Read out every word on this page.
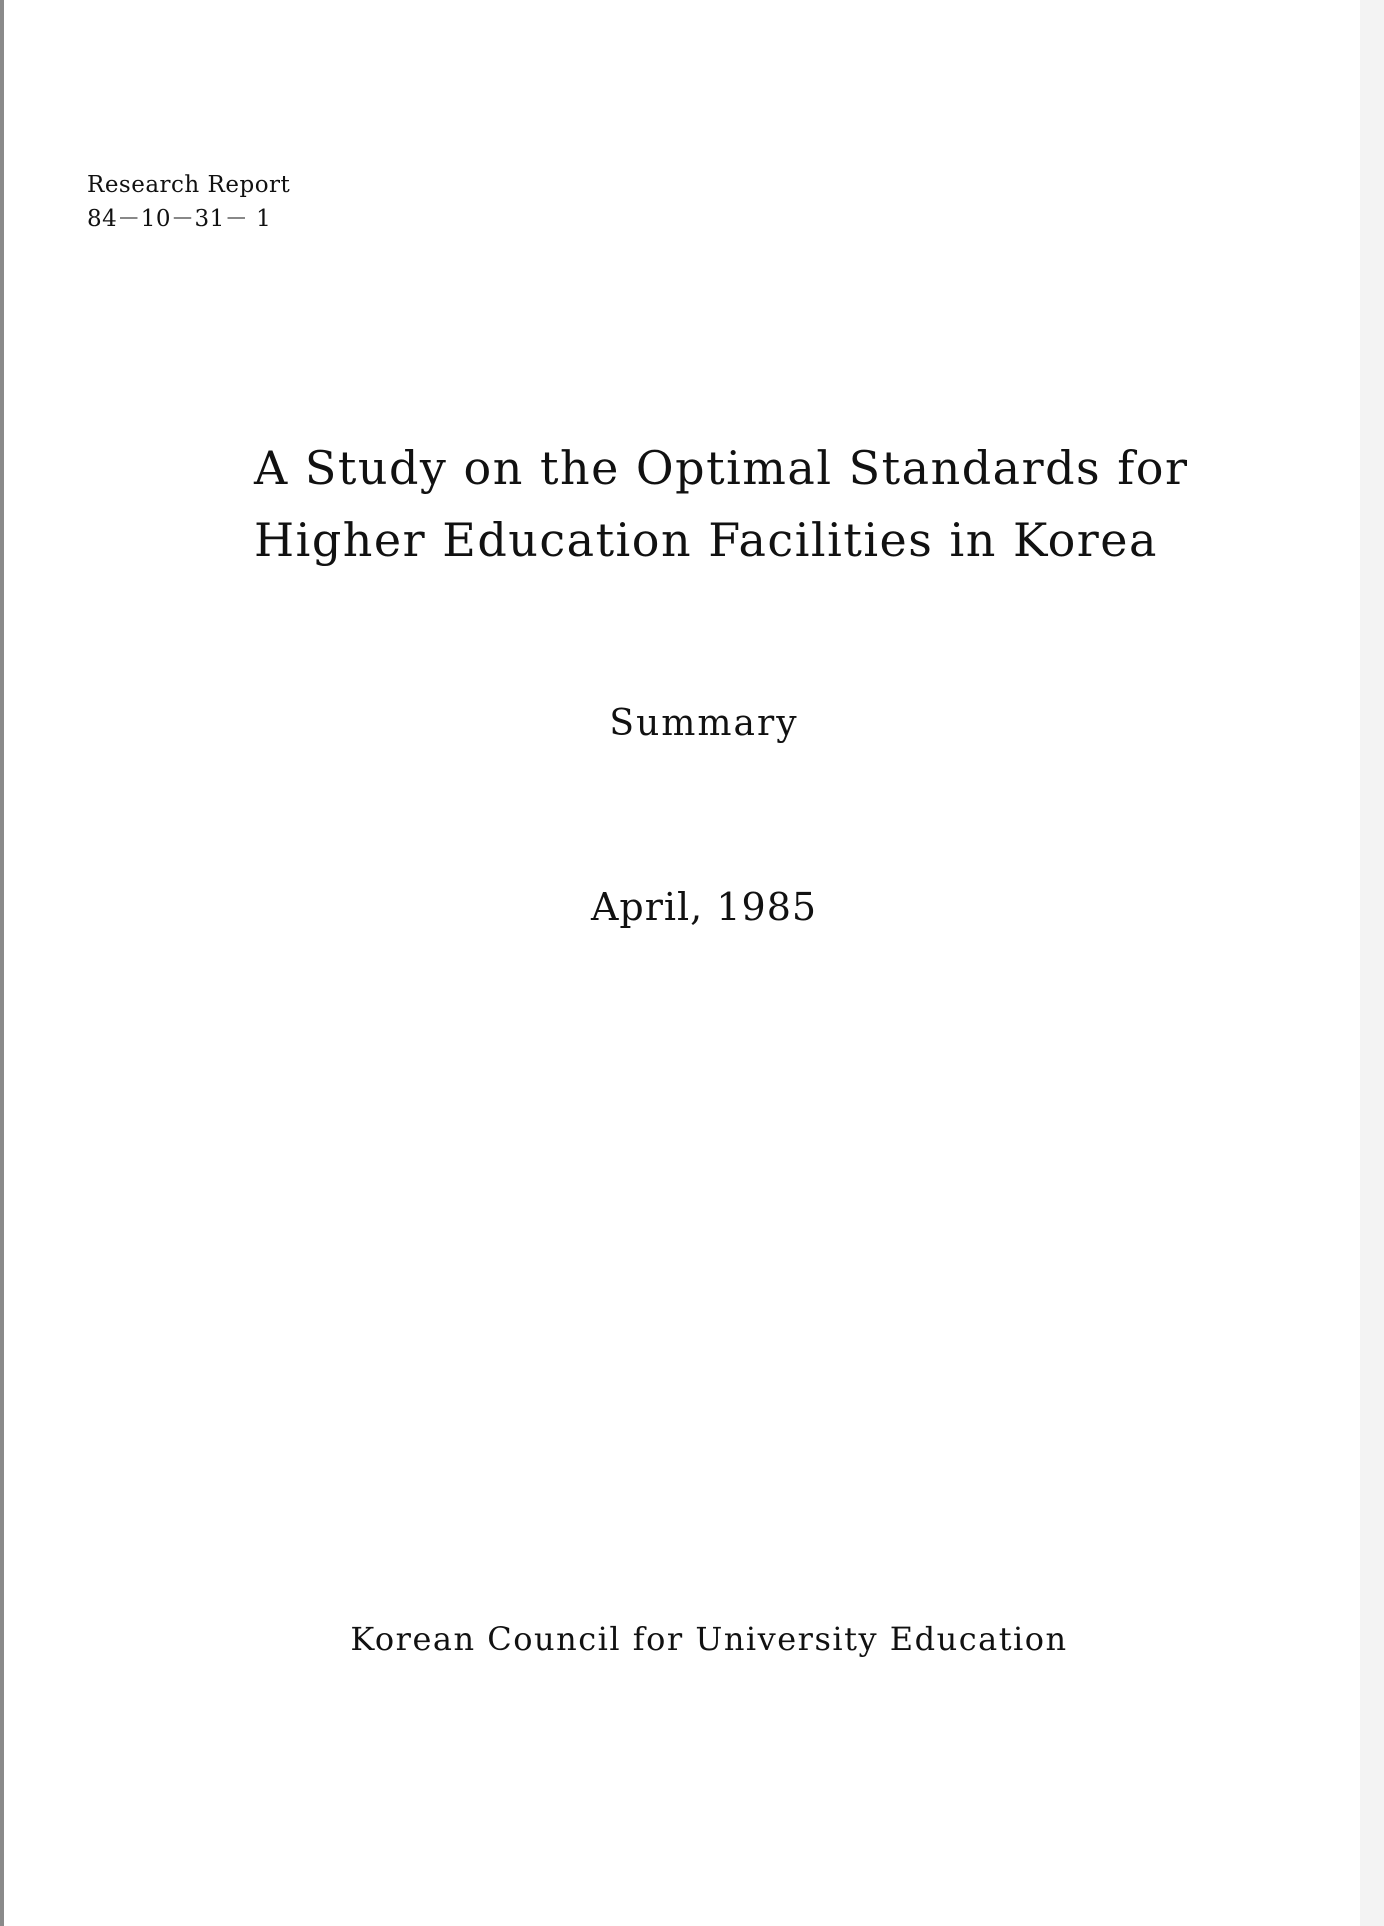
Research Report
84－10－31－ 1
A Study on the Optimal Standards for
Higher Education Facilities in Korea
Summary
April, 1985
Korean Council for University Education
